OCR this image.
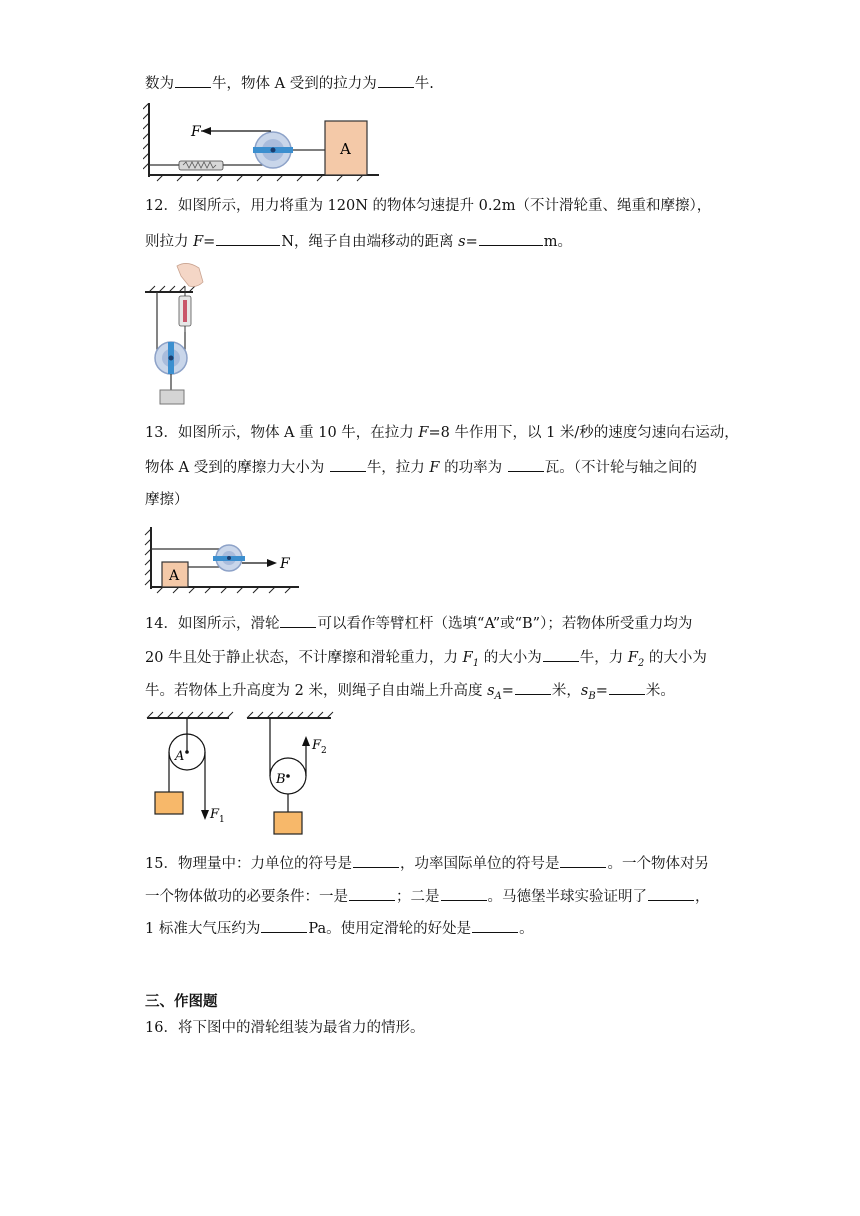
数为	牛，物体 A 受到的拉力为	牛.
A
F
12．如图所示，用力将重为 120N 的物体匀速提升 0.2m（不计滑轮重、绳重和摩擦），
则拉力 F=	N，绳子自由端移动的距离 s=	m。
13．如图所示，物体 A 重 10 牛，在拉力 F=8 牛作用下，以 1 米/秒的速度匀速向右运动，
物体 A 受到的摩擦力大小为	牛，拉力 F 的功率为	瓦。（不计轮与轴之间的
摩擦）
A
F
14．如图所示，滑轮	可以看作等臂杠杆（选填“A”或“B”）；若物体所受重力均为
20 牛且处于静止状态，不计摩擦和滑轮重力，力 $F_1$ 的大小为	牛，力 $F_2$ 的大小为
牛。若物体上升高度为 2 米，则绳子自由端上升高度 $s_A=$	米，$s_B=$	米。
A
F 1
B
F 2
15．物理量中：力单位的符号是	，功率国际单位的符号是	。一个物体对另
一个物体做功的必要条件：一是	；二是	。马德堡半球实验证明了	，
1 标准大气压约为	Pa。使用定滑轮的好处是	。
三、作图题
16．将下图中的滑轮组装为最省力的情形。
